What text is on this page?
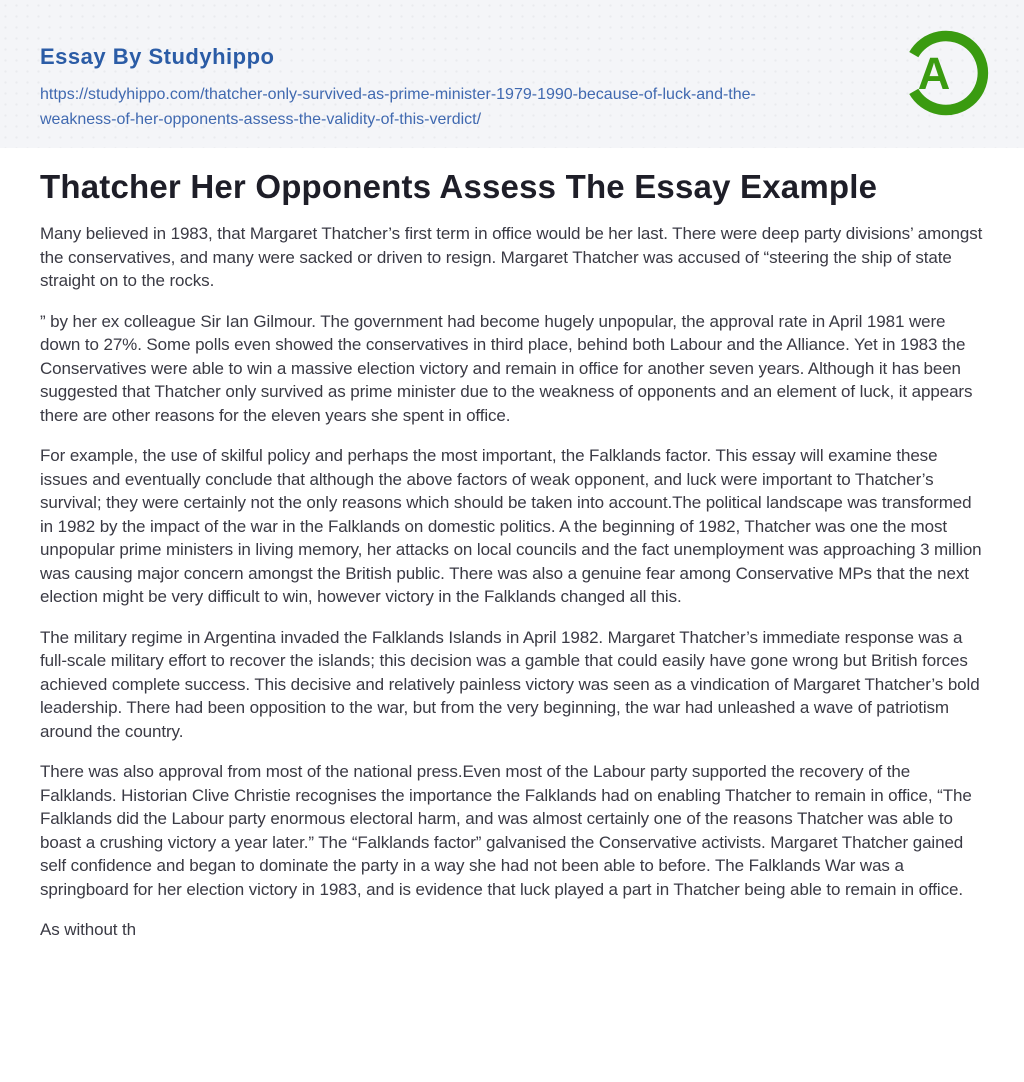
Essay By Studyhippo
https://studyhippo.com/thatcher-only-survived-as-prime-minister-1979-1990-because-of-luck-and-the-weakness-of-her-opponents-assess-the-validity-of-this-verdict/
A
Thatcher Her Opponents Assess The Essay Example

Many believed in 1983, that Margaret Thatcher’s first term in office would be her last. There were deep party divisions’ amongst the conservatives, and many were sacked or driven to resign. Margaret Thatcher was accused of “steering the ship of state straight on to the rocks.

” by her ex colleague Sir Ian Gilmour. The government had become hugely unpopular, the approval rate in April 1981 were down to 27%. Some polls even showed the conservatives in third place, behind both Labour and the Alliance. Yet in 1983 the Conservatives were able to win a massive election victory and remain in office for another seven years. Although it has been suggested that Thatcher only survived as prime minister due to the weakness of opponents and an element of luck, it appears there are other reasons for the eleven years she spent in office.

For example, the use of skilful policy and perhaps the most important, the Falklands factor. This essay will examine these issues and eventually conclude that although the above factors of weak opponent, and luck were important to Thatcher’s survival; they were certainly not the only reasons which should be taken into account.The political landscape was transformed in 1982 by the impact of the war in the Falklands on domestic politics. A the beginning of 1982, Thatcher was one the most unpopular prime ministers in living memory, her attacks on local councils and the fact unemployment was approaching 3 million was causing major concern amongst the British public. There was also a genuine fear among Conservative MPs that the next election might be very difficult to win, however victory in the Falklands changed all this.

The military regime in Argentina invaded the Falklands Islands in April 1982. Margaret Thatcher’s immediate response was a full-scale military effort to recover the islands; this decision was a gamble that could easily have gone wrong but British forces achieved complete success. This decisive and relatively painless victory was seen as a vindication of Margaret Thatcher’s bold leadership. There had been opposition to the war, but from the very beginning, the war had unleashed a wave of patriotism around the country.

There was also approval from most of the national press.Even most of the Labour party supported the recovery of the Falklands. Historian Clive Christie recognises the importance the Falklands had on enabling Thatcher to remain in office, “The Falklands did the Labour party enormous electoral harm, and was almost certainly one of the reasons Thatcher was able to boast a crushing victory a year later.” The “Falklands factor” galvanised the Conservative activists. Margaret Thatcher gained self confidence and began to dominate the party in a way she had not been able to before. The Falklands War was a springboard for her election victory in 1983, and is evidence that luck played a part in Thatcher being able to remain in office.

As without th
